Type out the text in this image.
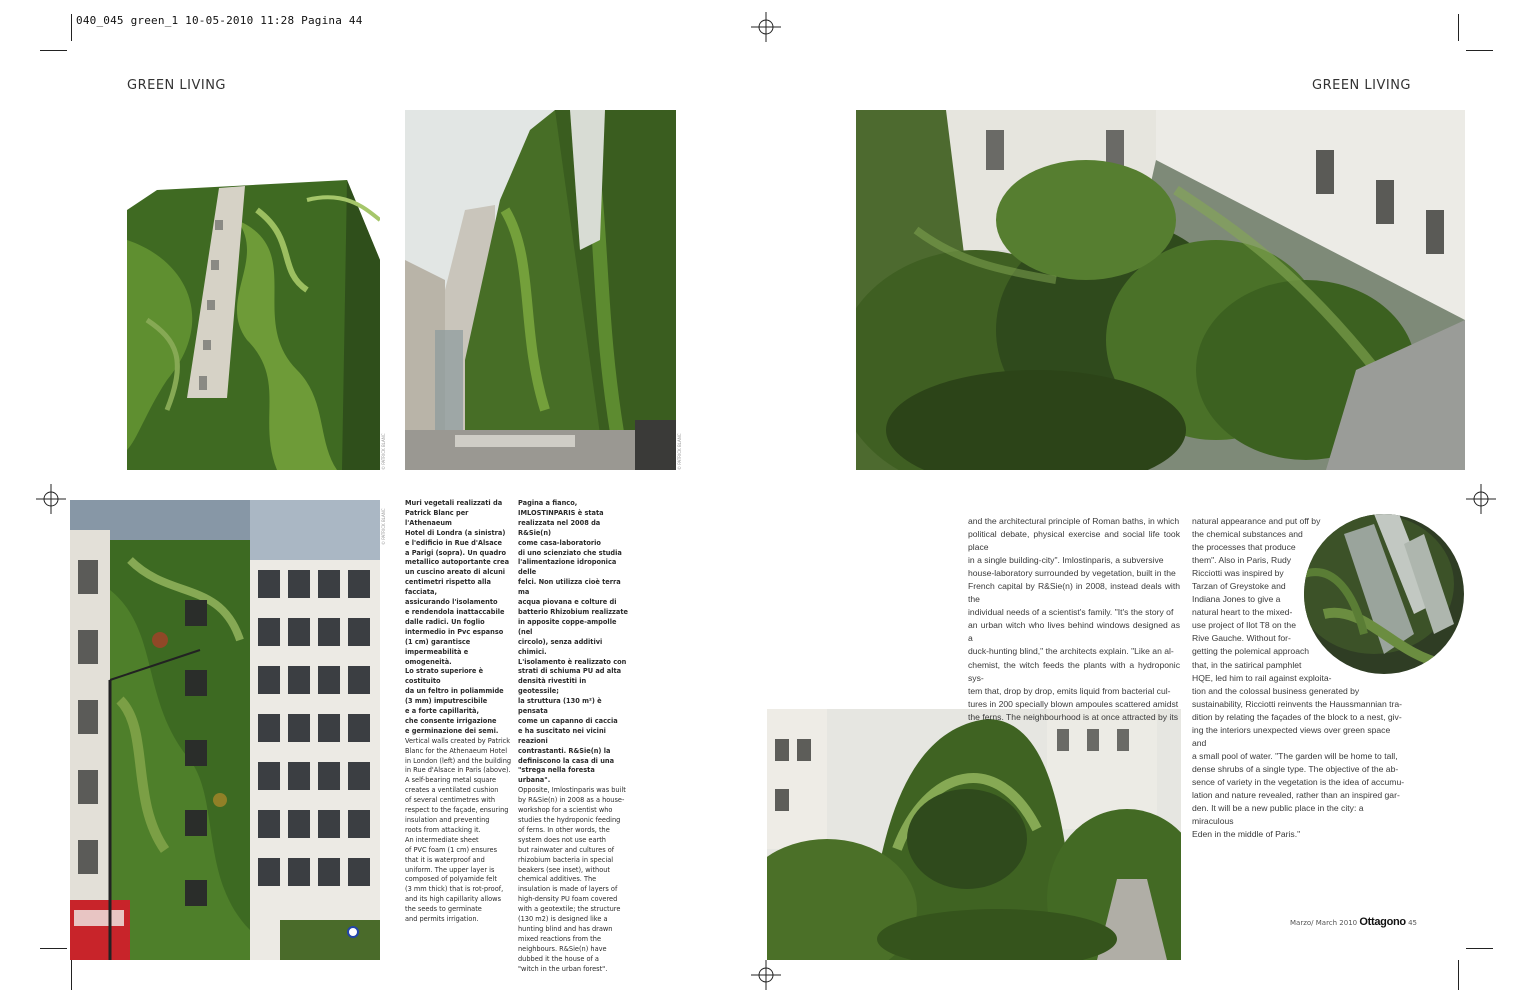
040_045 green_1 10-05-2010 11:28 Pagina 44
GREEN LIVING	GREEN LIVING
© PATRICK BLANC	© PATRICK BLANC
© PATRICK BLANC

Muri vegetali realizzati da

Patrick Blanc per l'Athenaeum

Hotel di Londra (a sinistra)

e l'edificio in Rue d'Alsace

a Parigi (sopra). Un quadro

metallico autoportante crea

un cuscino areato di alcuni

centimetri rispetto alla facciata,

assicurando l'isolamento

e rendendola inattaccabile

dalle radici. Un foglio

intermedio in Pvc espanso

(1 cm) garantisce

impermeabilità e omogeneità.

Lo strato superiore è costituito

da un feltro in poliammide

(3 mm) imputrescibile

e a forte capillarità,

che consente irrigazione

e germinazione dei semi.

Vertical walls created by Patrick

Blanc for the Athenaeum Hotel

in London (left) and the building

in Rue d'Alsace in Paris (above).

A self-bearing metal square

creates a ventilated cushion

of several centimetres with

respect to the façade, ensuring

insulation and preventing

roots from attacking it.

An intermediate sheet

of PVC foam (1 cm) ensures

that it is waterproof and

uniform. The upper layer is

composed of polyamide felt

(3 mm thick) that is rot-proof,

and its high capillarity allows

the seeds to germinate

and permits irrigation.

Pagina a fianco,

IMLOSTINPARIS è stata

realizzata nel 2008 da R&Sie(n)

come casa-laboratorio

di uno scienziato che studia

l'alimentazione idroponica delle

felci. Non utilizza cioè terra ma

acqua piovana e colture di

batterio Rhizobium realizzate

in apposite coppe-ampolle (nel

circolo), senza additivi chimici.

L'isolamento è realizzato con

strati di schiuma PU ad alta

densità rivestiti in geotessile;

la struttura (130 m²) è pensata

come un capanno di caccia

e ha suscitato nei vicini reazioni

contrastanti. R&Sie(n) la

definiscono la casa di una

"strega nella foresta urbana".

Opposite, Imlostinparis was built

by R&Sie(n) in 2008 as a house-

workshop for a scientist who

studies the hydroponic feeding

of ferns. In other words, the

system does not use earth

but rainwater and cultures of

rhizobium bacteria in special

beakers (see inset), without

chemical additives. The

insulation is made of layers of

high-density PU foam covered

with a geotextile; the structure

(130 m2) is designed like a

hunting blind and has drawn

mixed reactions from the

neighbours. R&Sie(n) have

dubbed it the house of a

"witch in the urban forest".

and the architectural principle of Roman baths, in which

political debate, physical exercise and social life took place

in a single building-city". Imlostinparis, a subversive

house-laboratory surrounded by vegetation, built in the

French capital by R&Sie(n) in 2008, instead deals with the

individual needs of a scientist's family. "It's the story of

an urban witch who lives behind windows designed as a

duck-hunting blind," the architects explain. "Like an al-

chemist, the witch feeds the plants with a hydroponic sys-

tem that, drop by drop, emits liquid from bacterial cul-

tures in 200 specially blown ampoules scattered amidst

the ferns. The neighbourhood is at once attracted by its

natural appearance and put off by

the chemical substances and

the processes that produce

them". Also in Paris, Rudy

Ricciotti was inspired by

Tarzan of Greystoke and

Indiana Jones to give a

natural heart to the mixed-

use project of Ilot T8 on the

Rive Gauche. Without for-

getting the polemical approach

that, in the satirical pamphlet

HQE, led him to rail against exploita-

tion and the colossal business generated by

sustainability, Ricciotti reinvents the Haussmannian tra-

dition by relating the façades of the block to a nest, giv-

ing the interiors unexpected views over green space and

a small pool of water. "The garden will be home to tall,

dense shrubs of a single type. The objective of the ab-

sence of variety in the vegetation is the idea of accumu-

lation and nature revealed, rather than an inspired gar-

den. It will be a new public place in the city: a miraculous

Eden in the middle of Paris."

Marzo/ March 2010 Ottagono 45
